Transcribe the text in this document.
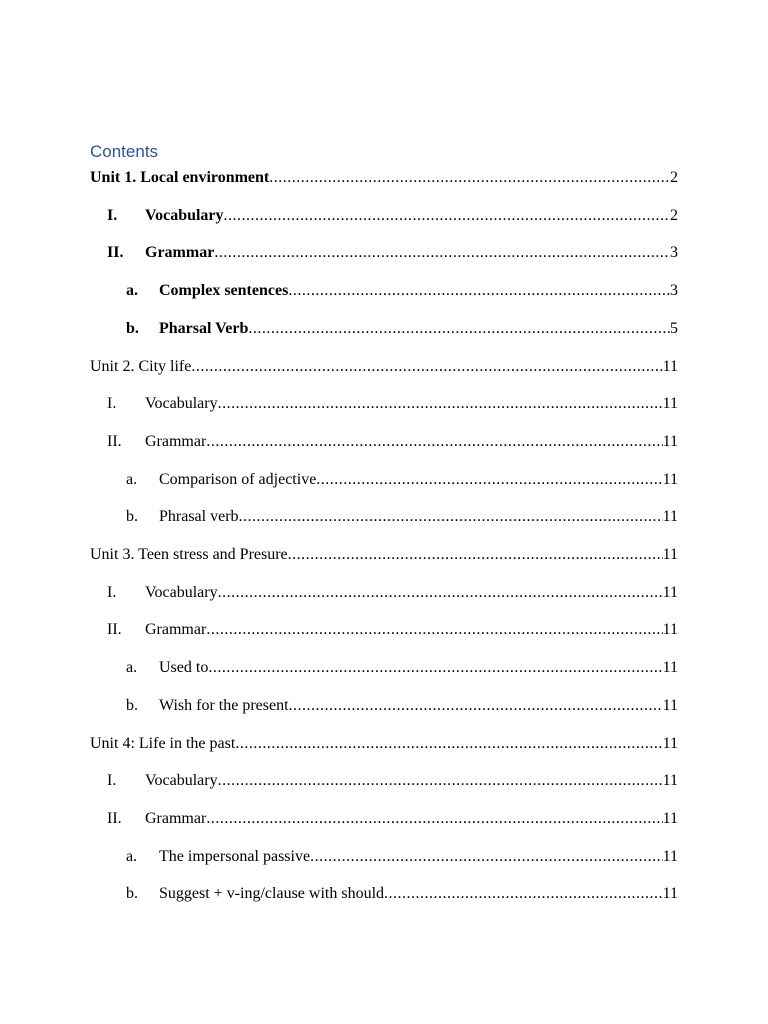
Contents
Unit 1. Local environment .....	2
I.	Vocabulary .....	2
II.	Grammar .....	3
a.	Complex sentences .....	3
b.	Pharsal Verb .....	5
Unit 2. City life .....	11
I.	Vocabulary .....	11
II.	Grammar .....	11
a.	Comparison of adjective .....	11
b.	Phrasal verb .....	11
Unit 3. Teen stress and Presure .....	11
I.	Vocabulary .....	11
II.	Grammar .....	11
a.	Used to .....	11
b.	Wish for the present .....	11
Unit 4: Life in the past .....	11
I.	Vocabulary .....	11
II.	Grammar .....	11
a.	The impersonal passive .....	11
b.	Suggest + v-ing/clause with should .....	11
